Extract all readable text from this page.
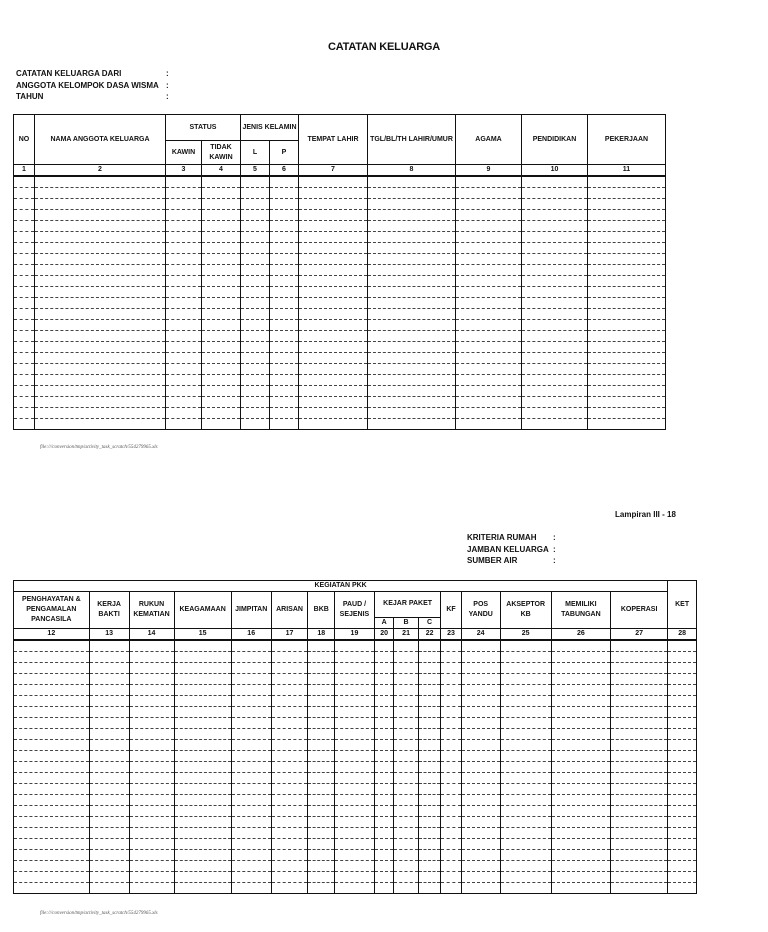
CATATAN KELUARGA
CATATAN KELUARGA DARI	:
ANGGOTA KELOMPOK DASA WISMA :
TAHUN	:
NO	NAMA ANGGOTA KELUARGA	STATUS		JENIS KELAMIN		TEMPAT LAHIR	TGL/BL/TH LAHIR/UMUR	AGAMA	PENDIDIKAN	PEKERJAAN
		KAWIN	TIDAK KAWIN	L	P					
1	2	3	4	5	6	7	8	9	10	11

file:///conversion/tmp/activity_task_scratch/554279965.xls
Lampiran III - 18
KRITERIA RUMAH	:
JAMBAN KELUARGA :
SUMBER AIR	:
KEGIATAN PKK																KET
PENGHAYATAN & PENGAMALAN PANCASILA	KERJA BAKTI	RUKUN KEMATIAN	KEAGAMAAN	JIMPITAN	ARISAN	BKB	PAUD / SEJENIS	KEJAR PAKET			KF	POS YANDU	AKSEPTOR KB	MEMILIKI TABUNGAN	KOPERASI	
								A	B	C						
12	13	14	15	16	17	18	19	20	21	22	23	24	25	26	27	28

file:///conversion/tmp/activity_task_scratch/554279965.xls
